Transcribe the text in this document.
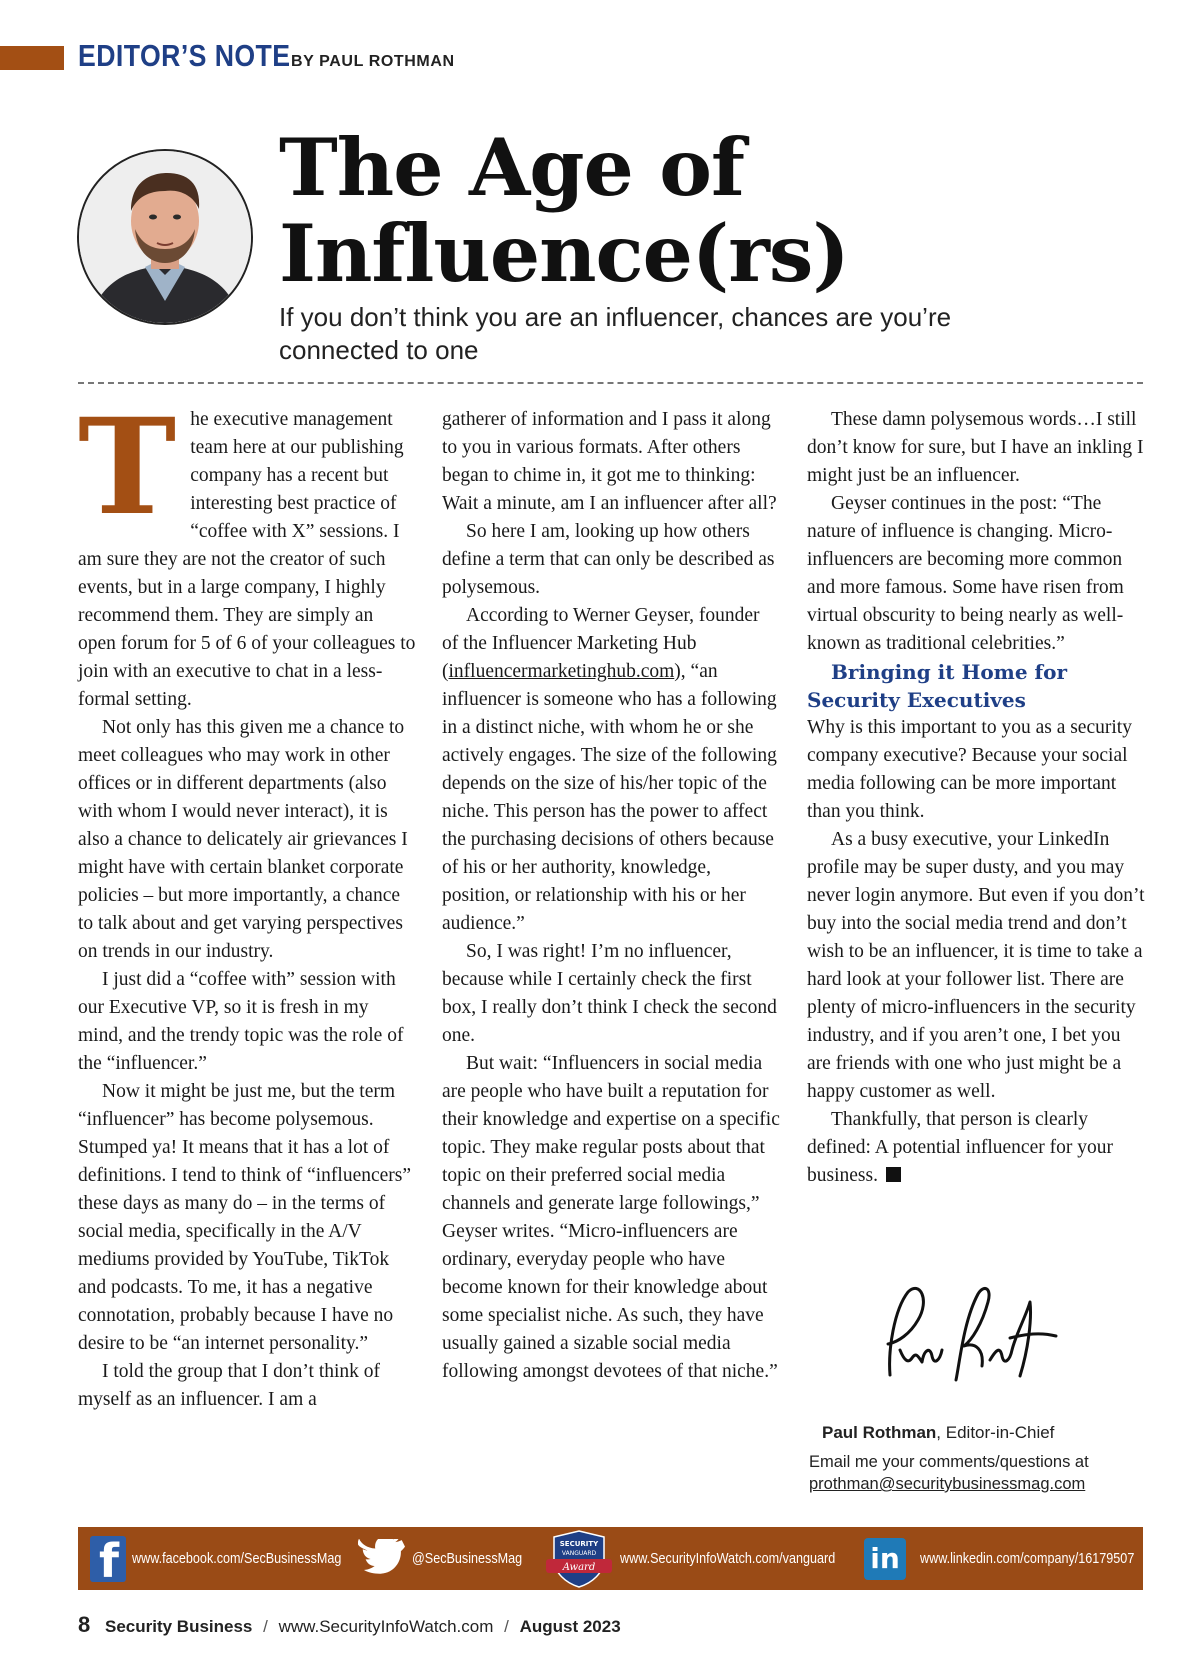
EDITOR’S NOTE BY PAUL ROTHMAN
The Age of
Influence(rs)

If you don’t think you are an influencer, chances are you’re connected to one

T he executive management team here at our publishing company has a recent but interesting best practice of “coffee with X” sessions. I am sure they are not the creator of such events, but in a large company, I highly recommend them. They are simply an open forum for 5 of 6 of your colleagues to join with an executive to chat in a less-formal setting.

Not only has this given me a chance to meet colleagues who may work in other offices or in different departments (also with whom I would never interact), it is also a chance to delicately air grievances I might have with certain blanket corporate policies – but more importantly, a chance to talk about and get varying perspectives on trends in our industry.

I just did a “coffee with” session with our Executive VP, so it is fresh in my mind, and the trendy topic was the role of the “influencer.”

Now it might be just me, but the term “influencer” has become polysemous. Stumped ya! It means that it has a lot of definitions. I tend to think of “influencers” these days as many do – in the terms of social media, specifically in the A/V mediums provided by YouTube, TikTok and podcasts. To me, it has a negative connotation, probably because I have no desire to be “an internet personality.”

I told the group that I don’t think of myself as an influencer. I am a

gatherer of information and I pass it along to you in various formats. After others began to chime in, it got me to thinking: Wait a minute, am I an influencer after all?

So here I am, looking up how others define a term that can only be described as polysemous.

According to Werner Geyser, founder of the Influencer Marketing Hub (influencermarketinghub.com), “an influencer is someone who has a following in a distinct niche, with whom he or she actively engages. The size of the following depends on the size of his/her topic of the niche. This person has the power to affect the purchasing decisions of others because of his or her authority, knowledge, position, or relationship with his or her audience.”

So, I was right! I’m no influencer, because while I certainly check the first box, I really don’t think I check the second one.

But wait: “Influencers in social media are people who have built a reputation for their knowledge and expertise on a specific topic. They make regular posts about that topic on their preferred social media channels and generate large followings,” Geyser writes. “Micro-influencers are ordinary, everyday people who have become known for their knowledge about some specialist niche. As such, they have usually gained a sizable social media following amongst devotees of that niche.”

These damn polysemous words…I still don’t know for sure, but I have an inkling I might just be an influencer.

Geyser continues in the post: “The nature of influence is changing. Micro-influencers are becoming more common and more famous. Some have risen from virtual obscurity to being nearly as well-known as traditional celebrities.”

Bringing it Home for Security Executives

Why is this important to you as a security company executive? Because your social media following can be more important than you think.

As a busy executive, your LinkedIn profile may be super dusty, and you may never login anymore. But even if you don’t buy into the social media trend and don’t wish to be an influencer, it is time to take a hard look at your follower list. There are plenty of micro-influencers in the security industry, and if you aren’t one, I bet you are friends with one who just might be a happy customer as well.

Thankfully, that person is clearly defined: A potential influencer for your business.

Paul Rothman, Editor-in-Chief
Email me your comments/questions at
prothman@securitybusinessmag.com
f www.facebook.com/SecBusinessMag	@SecBusinessMag
SECURITY
VANGUARD
Award www.SecurityInfoWatch.com/vanguard in	www.linkedin.com/company/16179507
8 Security Business / www.SecurityInfoWatch.com / August 2023
